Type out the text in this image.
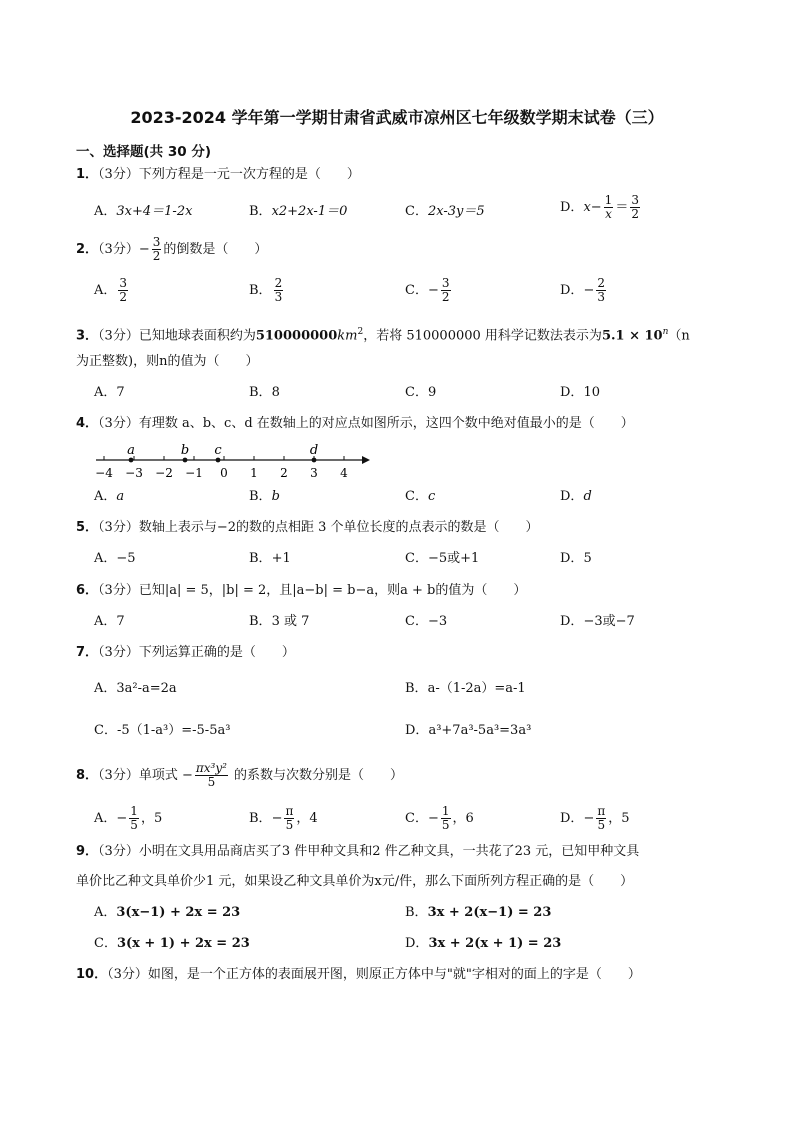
2023-2024 学年第一学期甘肃省武威市凉州区七年级数学期末试卷（三）
一、选择题(共 30 分)
1．（3分）下列方程是一元一次方程的是（　　）
A．3x+4＝1-2x	B．x2+2x-1＝0	C．2x-3y＝5	D．$x- \frac{1}{x} = \frac{3}{2}$
2．（3分）− $\frac{3}{2}$ 的倒数是（　　）
A． $\frac{3}{2}$	B． $\frac{2}{3}$	C．− $\frac{3}{2}$	D．− $\frac{2}{3}$
3．（3分）已知地球表面积约为$510000000km^2$，若将 510000000 用科学记数法表示为$5.1 \times 10^n(n$
为正整数)，则n的值为（　　）
A．7	B．8	C．9	D．10
4．（3分）有理数 a、b、c、d 在数轴上的对应点如图所示，这四个数中绝对值最小的是（　　）
−4 −3 −2 −1 0 1 2 3 4
a	b c	d
A．a	B．b	C．c	D．d
5．（3分）数轴上表示与−2的数的点相距 3 个单位长度的点表示的数是（　　）
A．−5	B．+1	C．−5或+1	D．5
6．（3分）已知|a| = 5，|b| = 2，且|a−b| = b−a，则a + b的值为（　　）
A．7	B．3 或 7	C．−3	D．−3或−7
7．（3分）下列运算正确的是（　　）
A．3a²-a=2a	B．a-（1-2a）=a-1
C．-5（1-a³）=-5-5a³	D．a³+7a³-5a³=3a³
8．（3分）单项式 − $\frac{\text{πx³y²}}{5}$ 的系数与次数分别是（　　）
A．− $\frac{1}{5}$ ，5	B．− $\frac{\pi}{5}$ ，4	C．− $\frac{1}{5}$ ，6	D．− $\frac{\pi}{5}$ ，5
9．（3分）小明在文具用品商店买了3 件甲种文具和2 件乙种文具，一共花了23 元，已知甲种文具
单价比乙种文具单价少1 元，如果设乙种文具单价为x元/件，那么下面所列方程正确的是（　　）
A．3(x−1) + 2x = 23	B．3x + 2(x−1) = 23
C．3(x + 1) + 2x = 23	D．3x + 2(x + 1) = 23
10．（3分）如图，是一个正方体的表面展开图，则原正方体中与"就"字相对的面上的字是（　　）
